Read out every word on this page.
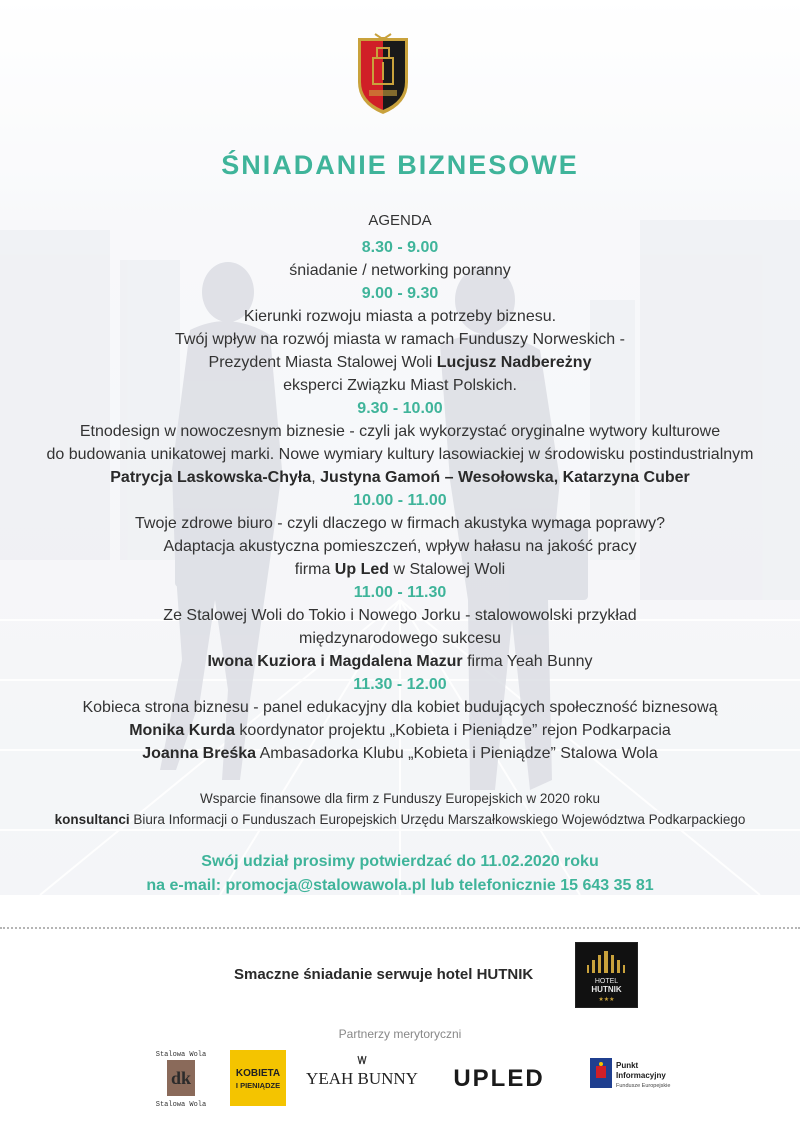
ŚNIADANIE BIZNESOWE
AGENDA
8.30 - 9.00
śniadanie / networking poranny
9.00 - 9.30
Kierunki rozwoju miasta a potrzeby biznesu.
Twój wpływ na rozwój miasta w ramach Funduszy Norweskich -
Prezydent Miasta Stalowej Woli Lucjusz Nadbereżny
eksperci Związku Miast Polskich.
9.30 - 10.00
Etnodesign w nowoczesnym biznesie - czyli jak wykorzystać oryginalne wytwory kulturowe
do budowania unikatowej marki. Nowe wymiary kultury lasowiackiej w środowisku postindustrialnym
Patrycja Laskowska-Chyła, Justyna Gamoń – Wesołowska, Katarzyna Cuber
10.00 - 11.00
Twoje zdrowe biuro - czyli dlaczego w firmach akustyka wymaga poprawy?
Adaptacja akustyczna pomieszczeń, wpływ hałasu na jakość pracy
firma Up Led w Stalowej Woli
11.00 - 11.30
Ze Stalowej Woli do Tokio i Nowego Jorku - stalowowolski przykład
międzynarodowego sukcesu
Iwona Kuziora i Magdalena Mazur firma Yeah Bunny
11.30 - 12.00
Kobieca strona biznesu - panel edukacyjny dla kobiet budujących społeczność biznesową
Monika Kurda koordynator projektu „Kobieta i Pieniądze” rejon Podkarpacia
Joanna Breśka Ambasadorka Klubu „Kobieta i Pieniądze” Stalowa Wola
Wsparcie finansowe dla firm z Funduszy Europejskich w 2020 roku
konsultanci Biura Informacji o Funduszach Europejskich Urzędu Marszałkowskiego Województwa Podkarpackiego
Swój udział prosimy potwierdzać do 11.02.2020 roku
na e-mail: promocja@stalowawola.pl lub telefonicznie 15 643 35 81
Smaczne śniadanie serwuje hotel HUTNIK	HOTEL
HUTNIK
★★★
Partnerzy merytoryczni
dk
Stalowa Wola
Stalowa Wola
KOBIETA
I PIENIĄDZE YEAH BUNNY UPLED	Punkt
Informacyjny
Fundusze Europejskie
